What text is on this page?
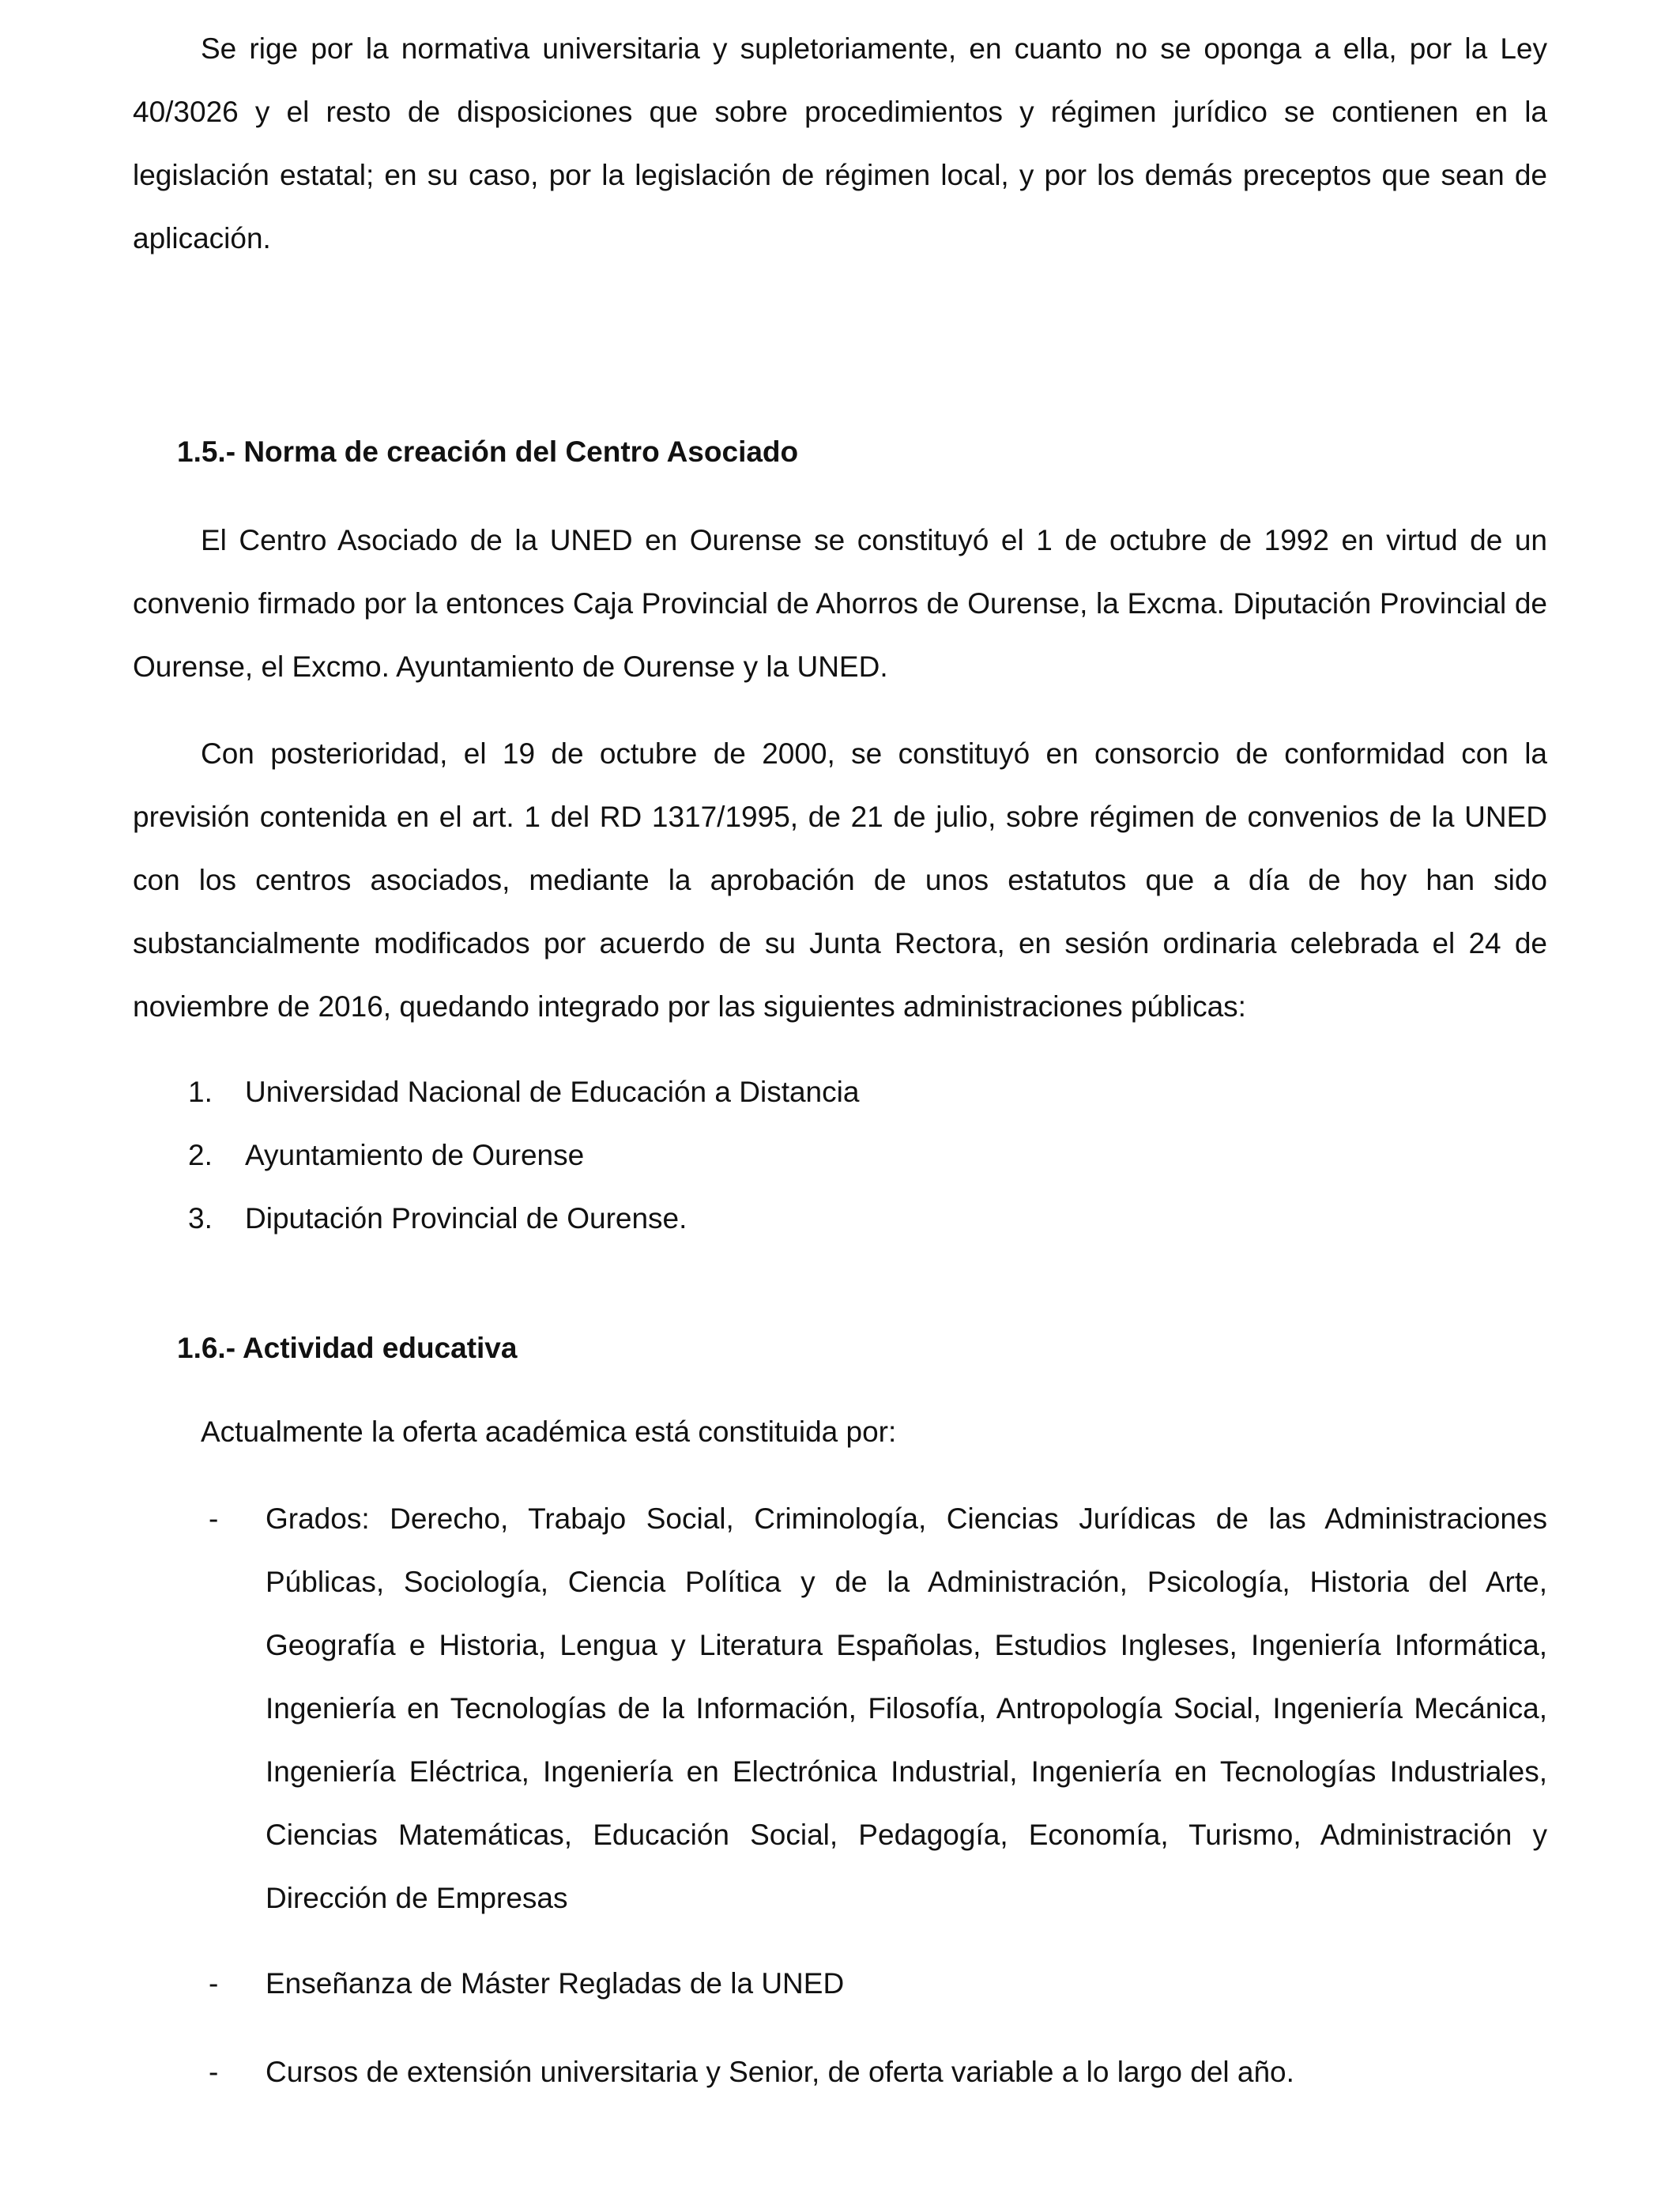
Se rige por la normativa universitaria y supletoriamente, en cuanto no se oponga a ella, por la Ley 40/3026 y el resto de disposiciones que sobre procedimientos y régimen jurídico se contienen en la legislación estatal; en su caso, por la legislación de régimen local, y por los demás preceptos que sean de aplicación.

1.5.- Norma de creación del Centro Asociado

El Centro Asociado de la UNED en Ourense se constituyó el 1 de octubre de 1992 en virtud de un convenio firmado por la entonces Caja Provincial de Ahorros de Ourense, la Excma. Diputación Provincial de Ourense, el Excmo. Ayuntamiento de Ourense y la UNED.

Con posterioridad, el 19 de octubre de 2000, se constituyó en consorcio de conformidad con la previsión contenida en el art. 1 del RD 1317/1995, de 21 de julio, sobre régimen de convenios de la UNED con los centros asociados, mediante la aprobación de unos estatutos que a día de hoy han sido substancialmente modificados por acuerdo de su Junta Rectora, en sesión ordinaria celebrada el 24 de noviembre de 2016, quedando integrado por las siguientes administraciones públicas:

1.	Universidad Nacional de Educación a Distancia
2.	Ayuntamiento de Ourense
3.	Diputación Provincial de Ourense.
1.6.- Actividad educativa

Actualmente la oferta académica está constituida por:

- Grados: Derecho, Trabajo Social, Criminología, Ciencias Jurídicas de las Administraciones Públicas, Sociología, Ciencia Política y de la Administración, Psicología, Historia del Arte, Geografía e Historia, Lengua y Literatura Españolas, Estudios Ingleses, Ingeniería Informática, Ingeniería en Tecnologías de la Información, Filosofía, Antropología Social, Ingeniería Mecánica, Ingeniería Eléctrica, Ingeniería en Electrónica Industrial, Ingeniería en Tecnologías Industriales, Ciencias Matemáticas, Educación Social, Pedagogía, Economía, Turismo, Administración y Dirección de Empresas
- Enseñanza de Máster Regladas de la UNED
- Cursos de extensión universitaria y Senior, de oferta variable a lo largo del año.
